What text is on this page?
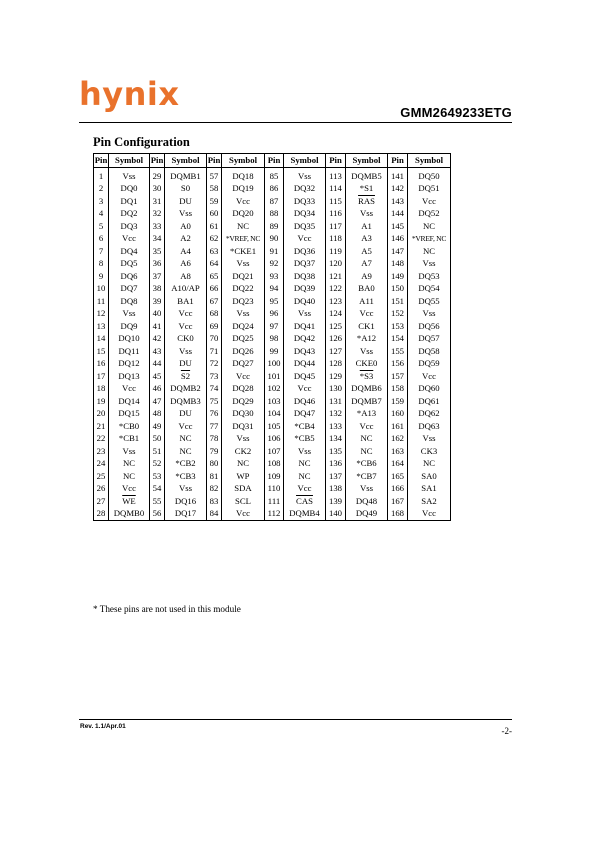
hynix	GMM2649233ETG
Pin Configuration
Pin	Symbol	Pin	Symbol	Pin	Symbol	Pin	Symbol	Pin	Symbol	Pin	Symbol
1	Vss	29	DQMB1	57	DQ18	85	Vss	113	DQMB5	141	DQ50
2	DQ0	30	S0	58	DQ19	86	DQ32	114	*S1	142	DQ51
3	DQ1	31	DU	59	Vcc	87	DQ33	115	$\overline{RAS}$	143	Vcc
4	DQ2	32	Vss	60	DQ20	88	DQ34	116	Vss	144	DQ52
5	DQ3	33	A0	61	NC	89	DQ35	117	A1	145	NC
6	Vcc	34	A2	62	*VREF, NC	90	Vcc	118	A3	146	*VREF, NC
7	DQ4	35	A4	63	*CKE1	91	DQ36	119	A5	147	NC
8	DQ5	36	A6	64	Vss	92	DQ37	120	A7	148	Vss
9	DQ6	37	A8	65	DQ21	93	DQ38	121	A9	149	DQ53
10	DQ7	38	A10/AP	66	DQ22	94	DQ39	122	BA0	150	DQ54
11	DQ8	39	BA1	67	DQ23	95	DQ40	123	A11	151	DQ55
12	Vss	40	Vcc	68	Vss	96	Vss	124	Vcc	152	Vss
13	DQ9	41	Vcc	69	DQ24	97	DQ41	125	CK1	153	DQ56
14	DQ10	42	CK0	70	DQ25	98	DQ42	126	*A12	154	DQ57
15	DQ11	43	Vss	71	DQ26	99	DQ43	127	Vss	155	DQ58
16	DQ12	44	DU	72	DQ27	100	DQ44	128	CKE0	156	DQ59
17	DQ13	45	S2	73	Vcc	101	DQ45	129	*S3	157	Vcc
18	Vcc	46	DQMB2	74	DQ28	102	Vcc	130	DQMB6	158	DQ60
19	DQ14	47	DQMB3	75	DQ29	103	DQ46	131	DQMB7	159	DQ61
20	DQ15	48	DU	76	DQ30	104	DQ47	132	*A13	160	DQ62
21	*CB0	49	Vcc	77	DQ31	105	*CB4	133	Vcc	161	DQ63
22	*CB1	50	NC	78	Vss	106	*CB5	134	NC	162	Vss
23	Vss	51	NC	79	CK2	107	Vss	135	NC	163	CK3
24	NC	52	*CB2	80	NC	108	NC	136	*CB6	164	NC
25	NC	53	*CB3	81	WP	109	NC	137	*CB7	165	SA0
26	Vcc	54	Vss	82	SDA	110	Vcc	138	Vss	166	SA1
27	$\overline{WE}$	55	DQ16	83	SCL	111	$\overline{CAS}$	139	DQ48	167	SA2
28	DQMB0	56	DQ17	84	Vcc	112	DQMB4	140	DQ49	168	Vcc
* These pins are not used in this module
Rev. 1.1/Apr.01	-2-
